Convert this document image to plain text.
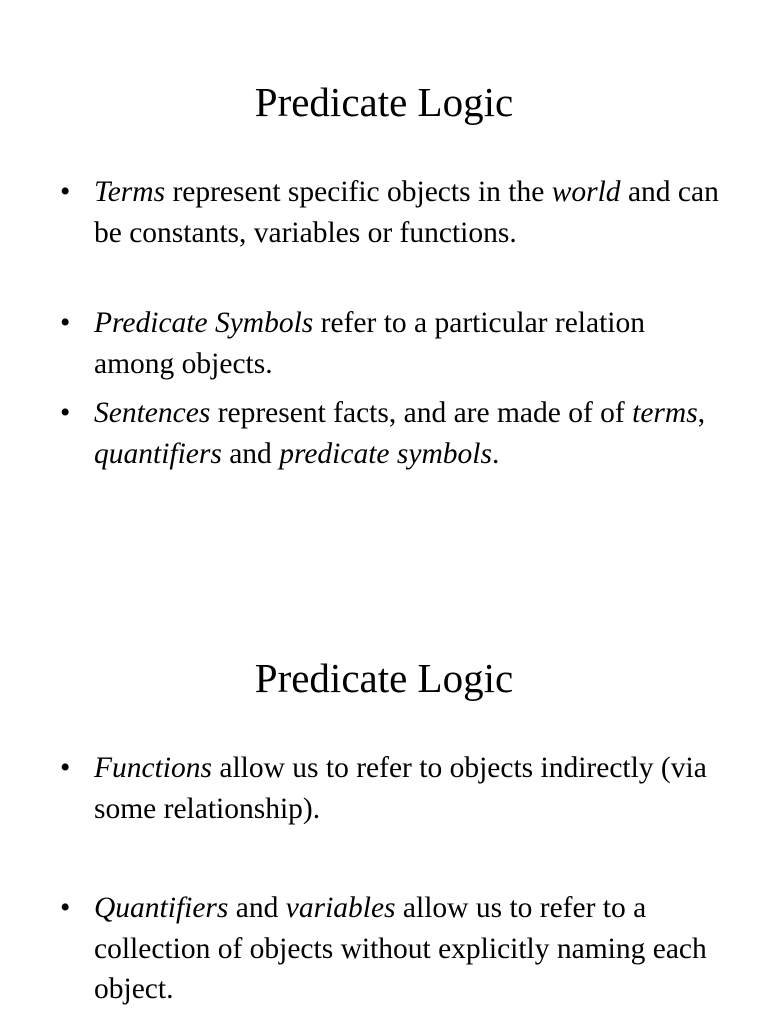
Predicate Logic
• Terms represent specific objects in the world and can be constants, variables or functions.
• Predicate Symbols refer to a particular relation among objects.
• Sentences represent facts, and are made of of terms, quantifiers and predicate symbols.
Predicate Logic
• Functions allow us to refer to objects indirectly (via some relationship).
• Quantifiers and variables allow us to refer to a collection of objects without explicitly naming each object.
